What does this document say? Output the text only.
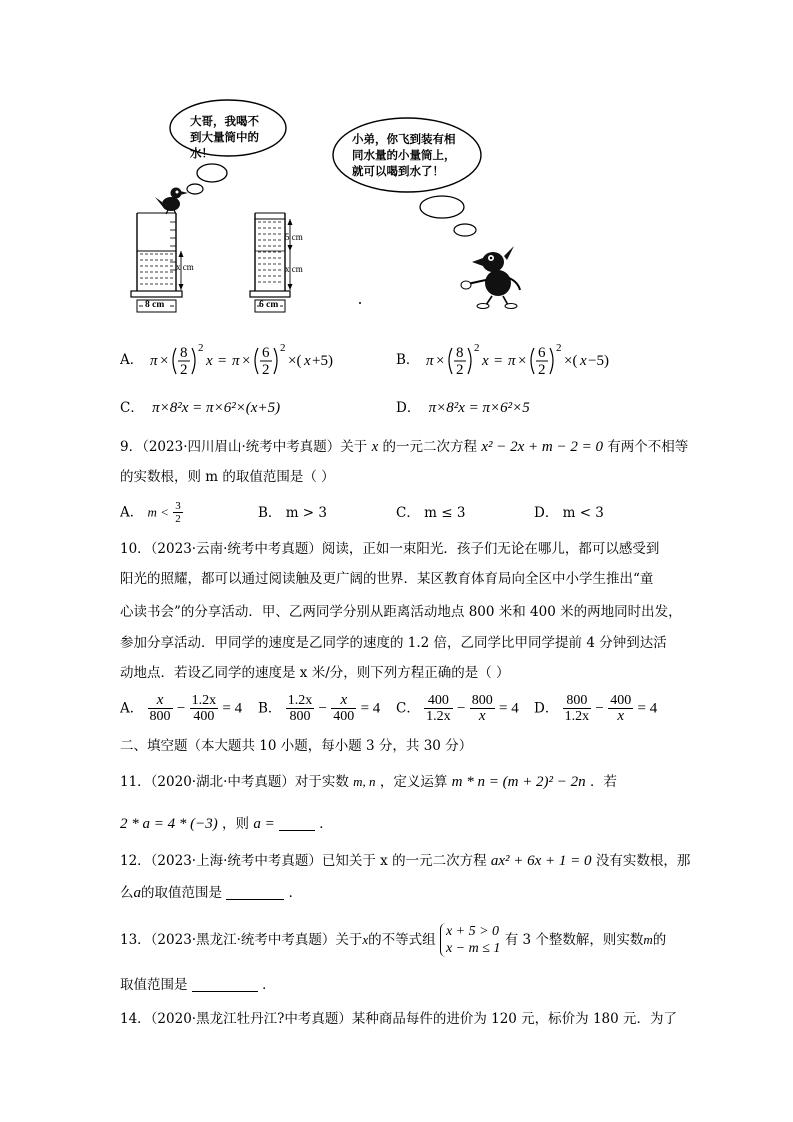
大哥，我喝不到大量筒中的水！
小弟，你飞到装有相同水量的小量筒上，就可以喝到水了！
x cm
8 cm
5 cm
x cm
6 cm
A． π × 8
2
2
x = π × 6
2
2
×( x +5)	B． π × 8
2
2
x = π × 6
2
2
×( x −5)
C． π×8²x = π×6²×(x+5)	D． π×8²x = π×6²×5
9．（2023·四川眉山·统考中考真题）关于 x 的一元二次方程 x² − 2x + m − 2 = 0 有两个不相等
的实数根，则 m 的取值范围是（ ）
A． $m < \frac{3}{2}$	B． m > 3	C． m ≤ 3	D． m < 3
10．（2023·云南·统考中考真题）阅读，正如一束阳光．孩子们无论在哪儿，都可以感受到
阳光的照耀，都可以通过阅读触及更广阔的世界．某区教育体育局向全区中小学生推出“童
心读书会”的分享活动．甲、乙两同学分别从距离活动地点 800 米和 400 米的两地同时出发，
参加分享活动．甲同学的速度是乙同学的速度的 1.2 倍，乙同学比甲同学提前 4 分钟到达活
动地点．若设乙同学的速度是 x 米/分，则下列方程正确的是（ ）
A． $\frac{x}{800} - \frac{1.2x}{400} = 4$ B． $\frac{1.2x}{800} - \frac{x}{400} = 4$ C． $\frac{400}{1.2x} - \frac{800}{x} = 4$ D． $\frac{800}{1.2x} - \frac{400}{x} = 4$
二、填空题（本大题共 10 小题，每小题 3 分，共 30 分）
11．（2020·湖北·中考真题）对于实数 m, n ，定义运算 m * n = (m + 2)² − 2n ．若
2 * a = 4 * (−3) ，则 a =	．
12．（2023·上海·统考中考真题）已知关于 x 的一元二次方程 ax² + 6x + 1 = 0 没有实数根，那
么a的取值范围是	．
13．（2023·黑龙江·统考中考真题）关于x的不等式组
x + 5 > 0
x − m ≤ 1
有 3 个整数解，则实数m的
取值范围是	．
14．（2020·黑龙江牡丹江?中考真题）某种商品每件的进价为 120 元，标价为 180 元．为了
